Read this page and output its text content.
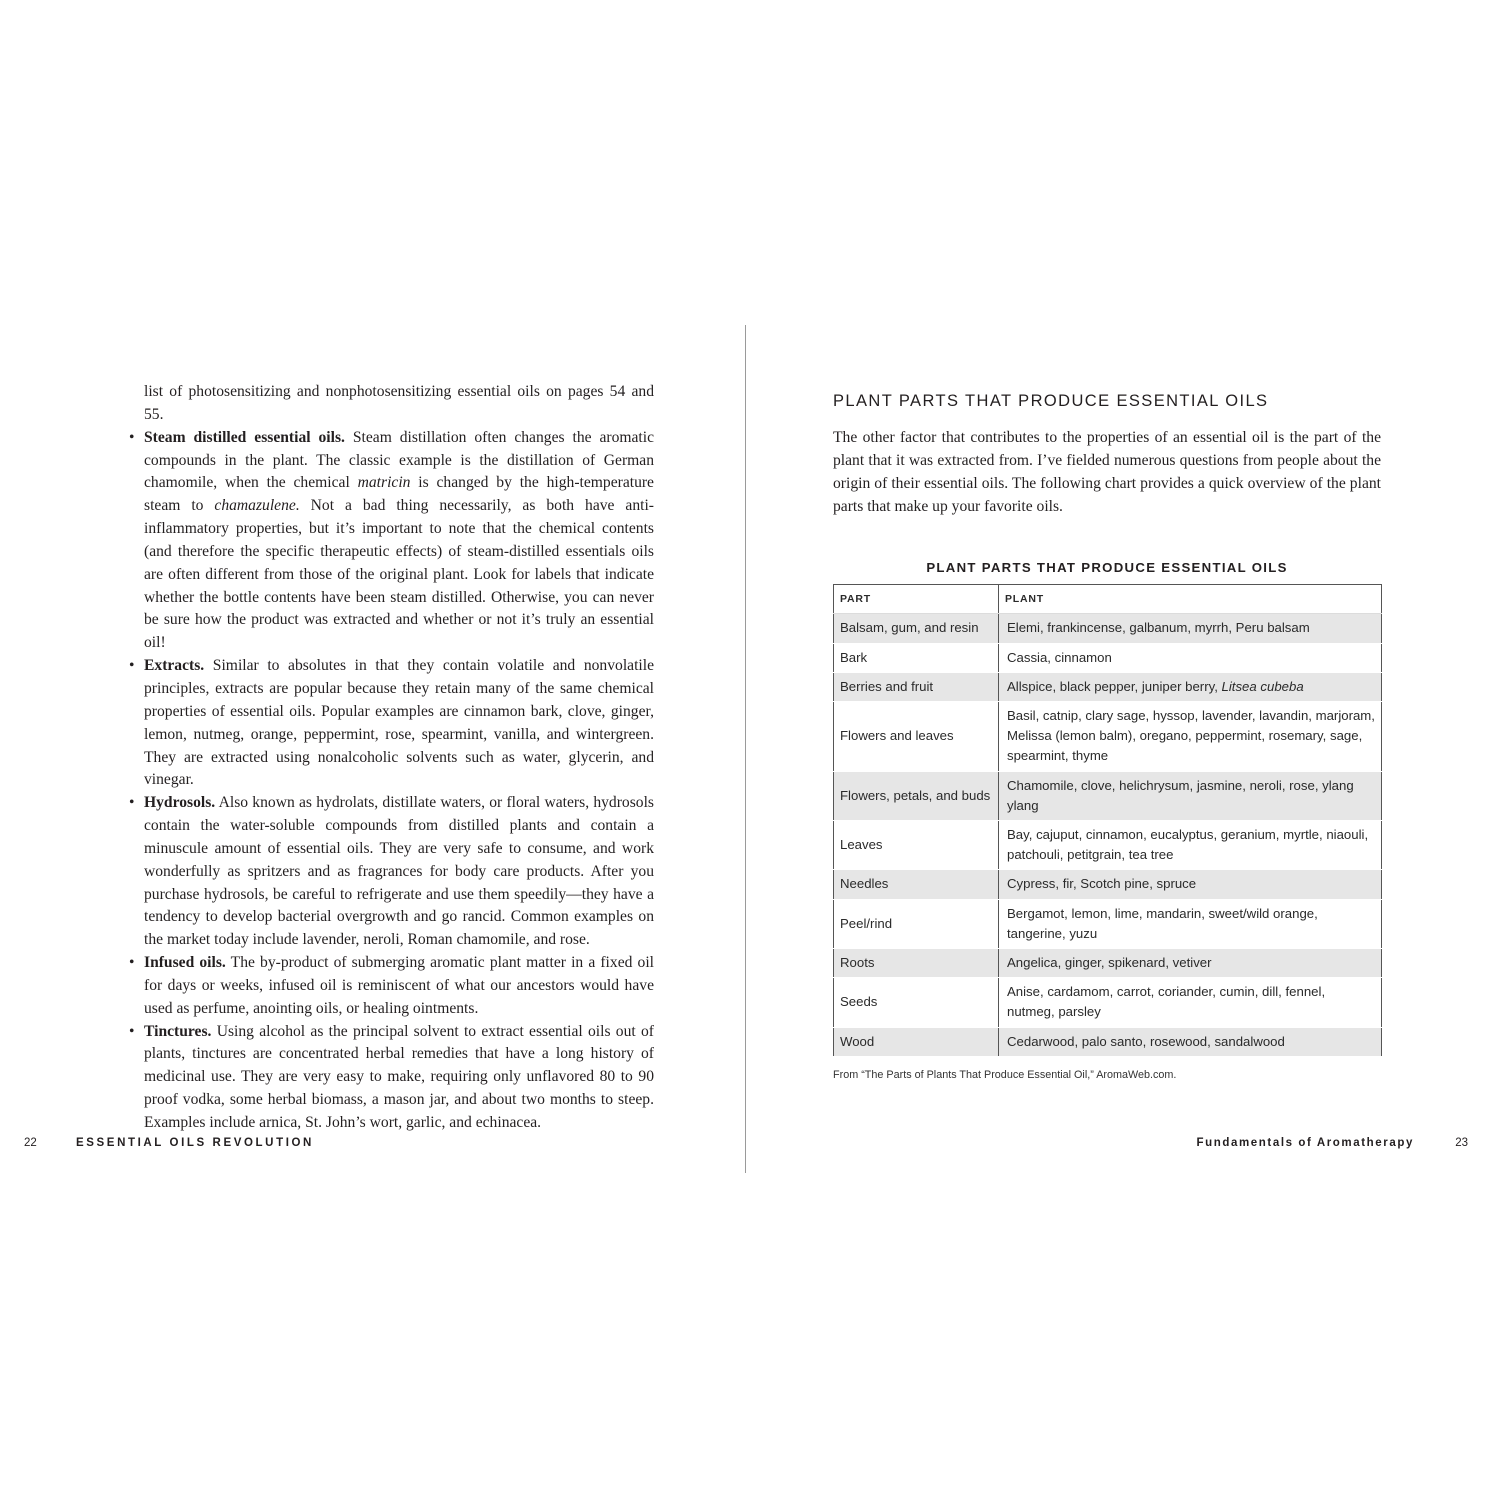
list of photosensitizing and nonphotosensitizing essential oils on pages 54 and 55.

• Steam distilled essential oils. Steam distillation often changes the aromatic compounds in the plant. The classic example is the distillation of German chamomile, when the chemical matricin is changed by the high-temperature steam to chamazulene. Not a bad thing necessarily, as both have anti-inflammatory properties, but it’s important to note that the chemical contents (and therefore the specific therapeutic effects) of steam-distilled essentials oils are often different from those of the original plant. Look for labels that indicate whether the bottle contents have been steam distilled. Otherwise, you can never be sure how the product was extracted and whether or not it’s truly an essential oil!
• Extracts. Similar to absolutes in that they contain volatile and nonvolatile principles, extracts are popular because they retain many of the same chemical properties of essential oils. Popular examples are cinnamon bark, clove, ginger, lemon, nutmeg, orange, peppermint, rose, spearmint, vanilla, and wintergreen. They are extracted using nonalcoholic solvents such as water, glycerin, and vinegar.
• Hydrosols. Also known as hydrolats, distillate waters, or floral waters, hydrosols contain the water-soluble compounds from distilled plants and contain a minuscule amount of essential oils. They are very safe to consume, and work wonderfully as spritzers and as fragrances for body care products. After you purchase hydrosols, be careful to refrigerate and use them speedily—they have a tendency to develop bacterial overgrowth and go rancid. Common examples on the market today include lavender, neroli, Roman chamomile, and rose.
• Infused oils. The by-product of submerging aromatic plant matter in a fixed oil for days or weeks, infused oil is reminiscent of what our ancestors would have used as perfume, anointing oils, or healing ointments.
• Tinctures. Using alcohol as the principal solvent to extract essential oils out of plants, tinctures are concentrated herbal remedies that have a long history of medicinal use. They are very easy to make, requiring only unflavored 80 to 90 proof vodka, some herbal biomass, a mason jar, and about two months to steep. Examples include arnica, St. John’s wort, garlic, and echinacea.
22	ESSENTIAL OILS REVOLUTION
PLANT PARTS THAT PRODUCE ESSENTIAL OILS

The other factor that contributes to the properties of an essential oil is the part of the plant that it was extracted from. I’ve fielded numerous questions from people about the origin of their essential oils. The following chart provides a quick overview of the plant parts that make up your favorite oils.

PLANT PARTS THAT PRODUCE ESSENTIAL OILS
PART	PLANT
Balsam, gum, and resin	Elemi, frankincense, galbanum, myrrh, Peru balsam
Bark	Cassia, cinnamon
Berries and fruit	Allspice, black pepper, juniper berry, Litsea cubeba
Flowers and leaves	Basil, catnip, clary sage, hyssop, lavender, lavandin, marjoram, Melissa (lemon balm), oregano, peppermint, rosemary, sage, spearmint, thyme
Flowers, petals, and buds	Chamomile, clove, helichrysum, jasmine, neroli, rose, ylang ylang
Leaves	Bay, cajuput, cinnamon, eucalyptus, geranium, myrtle, niaouli, patchouli, petitgrain, tea tree
Needles	Cypress, fir, Scotch pine, spruce
Peel/rind	Bergamot, lemon, lime, mandarin, sweet/wild orange, tangerine, yuzu
Roots	Angelica, ginger, spikenard, vetiver
Seeds	Anise, cardamom, carrot, coriander, cumin, dill, fennel, nutmeg, parsley
Wood	Cedarwood, palo santo, rosewood, sandalwood
From “The Parts of Plants That Produce Essential Oil,” AromaWeb.com.
Fundamentals of Aromatherapy	23
